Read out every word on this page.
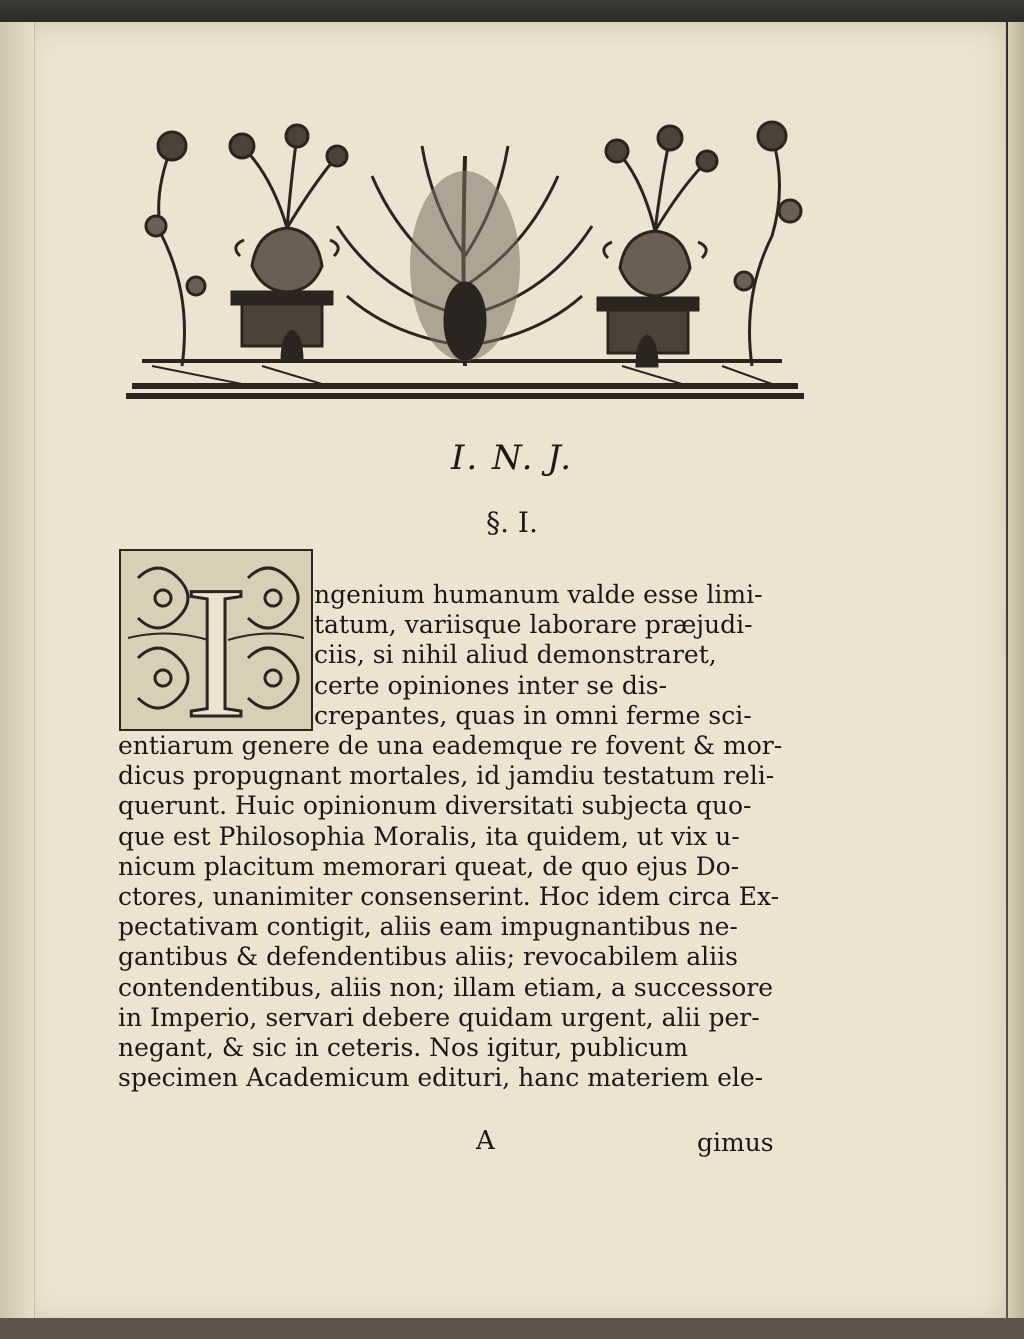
I. N. J.
§. I.
I	ngenium humanum valde esse limi-
tatum, variisque laborare præjudi-
ciis, si nihil aliud demonstraret,
certe opiniones inter se dis-
crepantes, quas in omni ferme sci-
entiarum genere de una eademque re fovent & mor-
dicus propugnant mortales, id jamdiu testatum reli-
querunt. Huic opinionum diversitati subjecta quo-
que est Philosophia Moralis, ita quidem, ut vix u-
nicum placitum memorari queat, de quo ejus Do-
ctores, unanimiter consenserint. Hoc idem circa Ex-
pectativam contigit, aliis eam impugnantibus ne-
gantibus & defendentibus aliis; revocabilem aliis
contendentibus, aliis non; illam etiam, a successore
in Imperio, servari debere quidam urgent, alii per-
negant, & sic in ceteris. Nos igitur, publicum
specimen Academicum edituri, hanc materiem ele-
A	gimus
